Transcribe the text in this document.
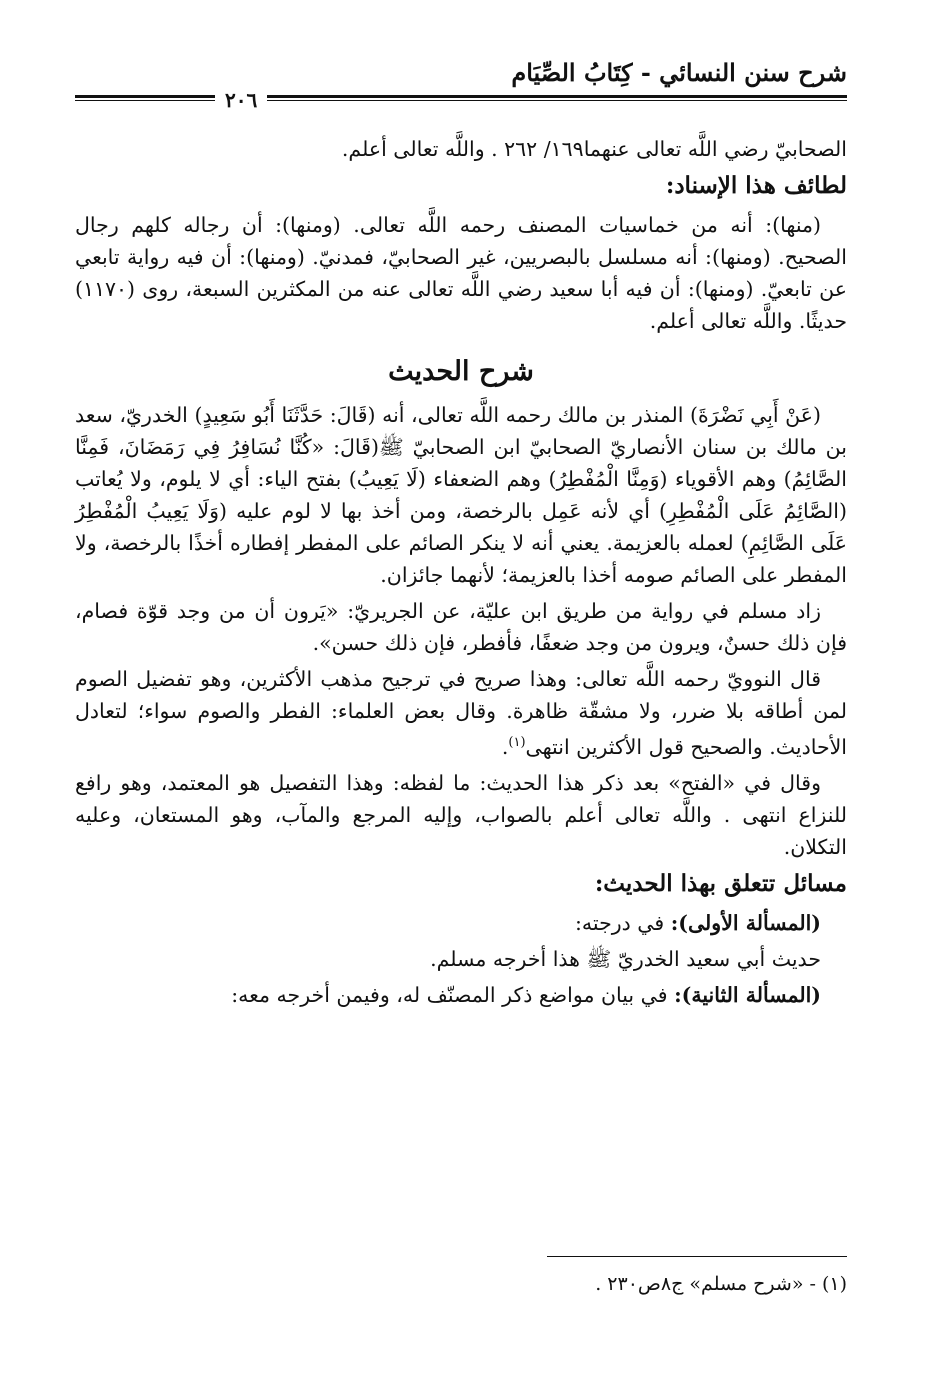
شرح سنن النسائي - كِتَابُ الصِّيَام
٢٠٦

الصحابيّ رضي اللَّه تعالى عنهما١٦٩/ ٢٦٢ . واللَّه تعالى أعلم.

لطائف هذا الإسناد:

(منها): أنه من خماسيات المصنف رحمه اللَّه تعالى. (ومنها): أن رجاله كلهم رجال الصحيح. (ومنها): أنه مسلسل بالبصريين، غير الصحابيّ، فمدنيّ. (ومنها): أن فيه رواية تابعي عن تابعيّ. (ومنها): أن فيه أبا سعيد رضي اللَّه تعالى عنه من المكثرين السبعة، روى (١١٧٠) حديثًا. واللَّه تعالى أعلم.

شرح الحديث

(عَنْ أَبِي نَضْرَةَ) المنذر بن مالك رحمه اللَّه تعالى، أنه (قَالَ: حَدَّثَنَا أَبُو سَعِيدٍ) الخدريّ، سعد بن مالك بن سنان الأنصاريّ الصحابيّ ابن الصحابيّ ﷺ(قَالَ: «كُنَّا نُسَافِرُ فِي رَمَضَانَ، فَمِنَّا الصَّائِمُ) وهم الأقوياء (وَمِنَّا الْمُفْطِرُ) وهم الضعفاء (لَا يَعِيبُ) بفتح الياء: أي لا يلوم، ولا يُعاتب (الصَّائِمُ عَلَى الْمُفْطِرِ) أي لأنه عَمِل بالرخصة، ومن أخذ بها لا لوم عليه (وَلَا يَعِيبُ الْمُفْطِرُ عَلَى الصَّائِمِ) لعمله بالعزيمة. يعني أنه لا ينكر الصائم على المفطر إفطاره أخذًا بالرخصة، ولا المفطر على الصائم صومه أخذا بالعزيمة؛ لأنهما جائزان.

زاد مسلم في رواية من طريق ابن عليّة، عن الجريريّ: «يَرون أن من وجد قوّة فصام، فإن ذلك حسنٌ، ويرون من وجد ضعفًا، فأفطر، فإن ذلك حسن».

قال النوويّ رحمه اللَّه تعالى: وهذا صريح في ترجيح مذهب الأكثرين، وهو تفضيل الصوم لمن أطاقه بلا ضرر، ولا مشقّة ظاهرة. وقال بعض العلماء: الفطر والصوم سواء؛ لتعادل الأحاديث. والصحيح قول الأكثرين انتهى$^{(١)}$.

وقال في «الفتح» بعد ذكر هذا الحديث: ما لفظه: وهذا التفصيل هو المعتمد، وهو رافع للنزاع انتهى . واللَّه تعالى أعلم بالصواب، وإليه المرجع والمآب، وهو المستعان، وعليه التكلان.

مسائل تتعلق بهذا الحديث:

(المسألة الأولى): في درجته:

حديث أبي سعيد الخدريّ ﷺ هذا أخرجه مسلم.

(المسألة الثانية): في بيان مواضع ذكر المصنّف له، وفيمن أخرجه معه:

(١) - «شرح مسلم» ج٨ص٢٣٠ .
